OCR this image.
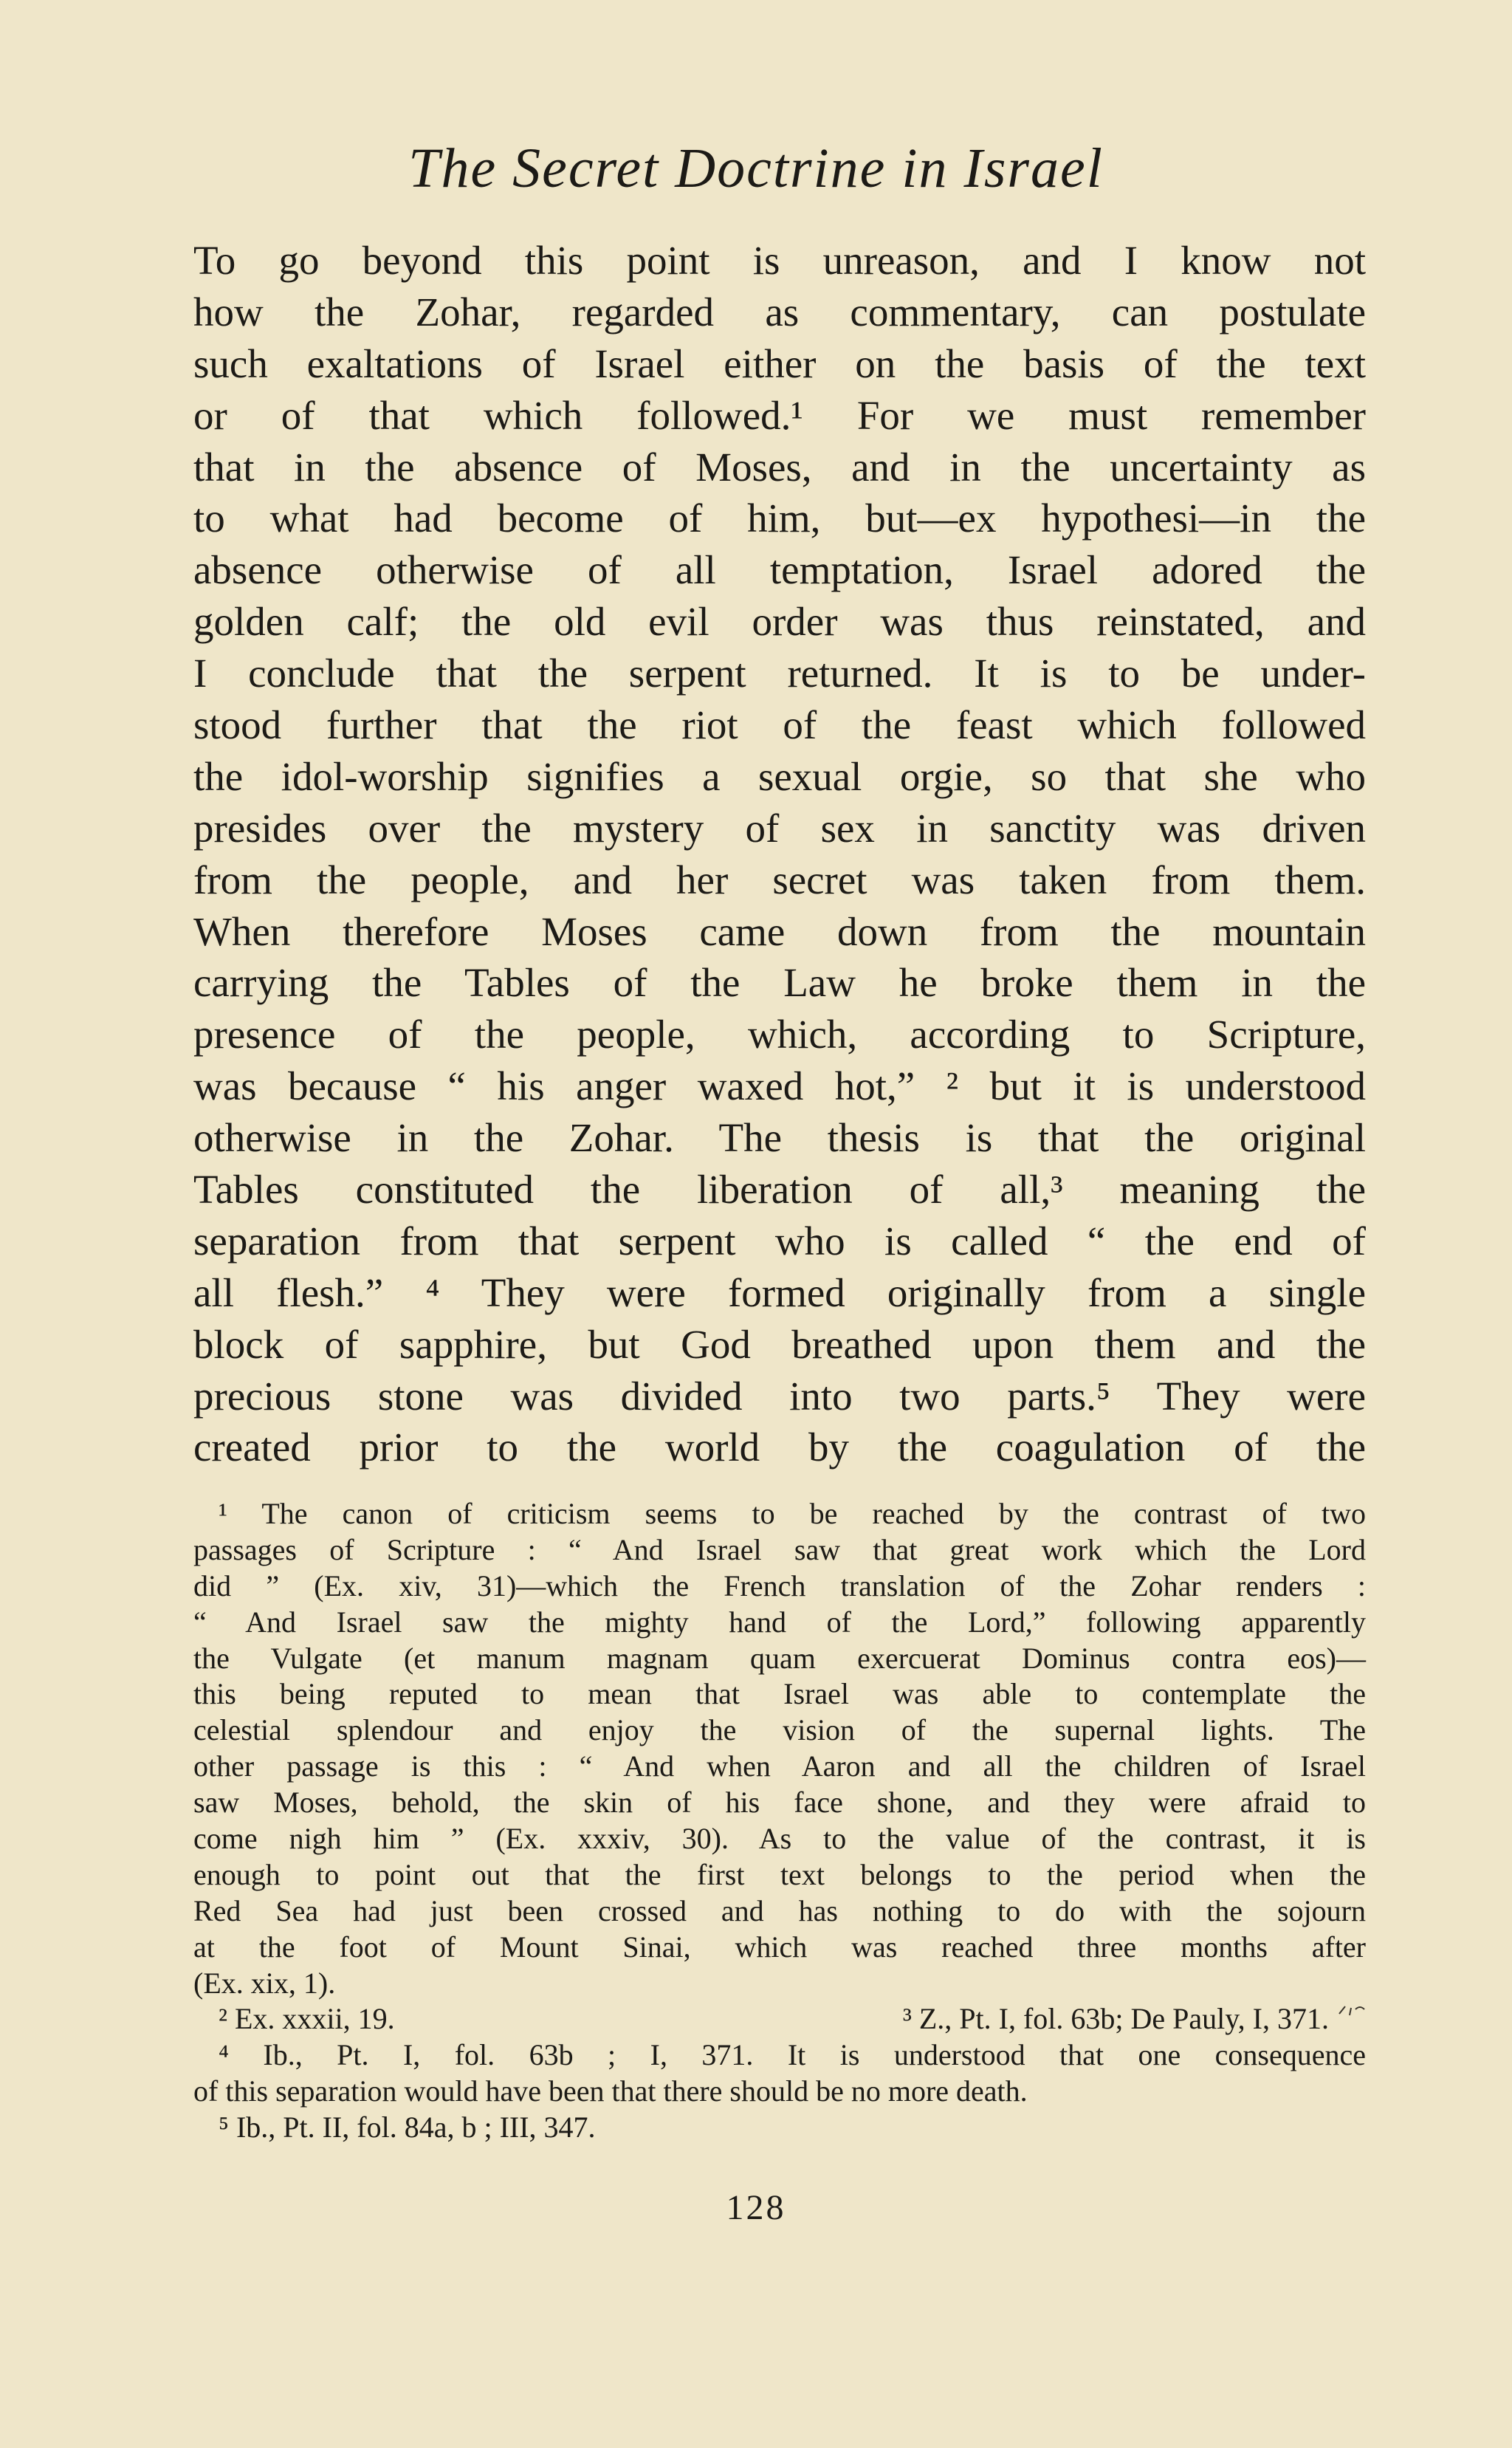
The Secret Doctrine in Israel
To go beyond this point is unreason, and I know not
how the Zohar, regarded as commentary, can postulate
such exaltations of Israel either on the basis of the text
or of that which followed.¹ For we must remember
that in the absence of Moses, and in the uncertainty as
to what had become of him, but—ex hypothesi—in the
absence otherwise of all temptation, Israel adored the
golden calf; the old evil order was thus reinstated, and
I conclude that the serpent returned. It is to be under-
stood further that the riot of the feast which followed
the idol-worship signifies a sexual orgie, so that she who
presides over the mystery of sex in sanctity was driven
from the people, and her secret was taken from them.
When therefore Moses came down from the mountain
carrying the Tables of the Law he broke them in the
presence of the people, which, according to Scripture,
was because “ his anger waxed hot,” ² but it is understood
otherwise in the Zohar. The thesis is that the original
Tables constituted the liberation of all,³ meaning the
separation from that serpent who is called “ the end of
all flesh.” ⁴ They were formed originally from a single
block of sapphire, but God breathed upon them and the
precious stone was divided into two parts.⁵ They were
created prior to the world by the coagulation of the
¹ The canon of criticism seems to be reached by the contrast of two
passages of Scripture : “ And Israel saw that great work which the Lord
did ” (Ex. xiv, 31)—which the French translation of the Zohar renders :
“ And Israel saw the mighty hand of the Lord,” following apparently
the Vulgate (et manum magnam quam exercuerat Dominus contra eos)—
this being reputed to mean that Israel was able to contemplate the
celestial splendour and enjoy the vision of the supernal lights. The
other passage is this : “ And when Aaron and all the children of Israel
saw Moses, behold, the skin of his face shone, and they were afraid to
come nigh him ” (Ex. xxxiv, 30). As to the value of the contrast, it is
enough to point out that the first text belongs to the period when the
Red Sea had just been crossed and has nothing to do with the sojourn
at the foot of Mount Sinai, which was reached three months after
(Ex. xix, 1).
² Ex. xxxii, 19.	³ Z., Pt. I, fol. 63b; De Pauly, I, 371.
⁴ Ib., Pt. I, fol. 63b ; I, 371. It is understood that one consequence
of this separation would have been that there should be no more death.
⁵ Ib., Pt. II, fol. 84a, b ; III, 347.
128
